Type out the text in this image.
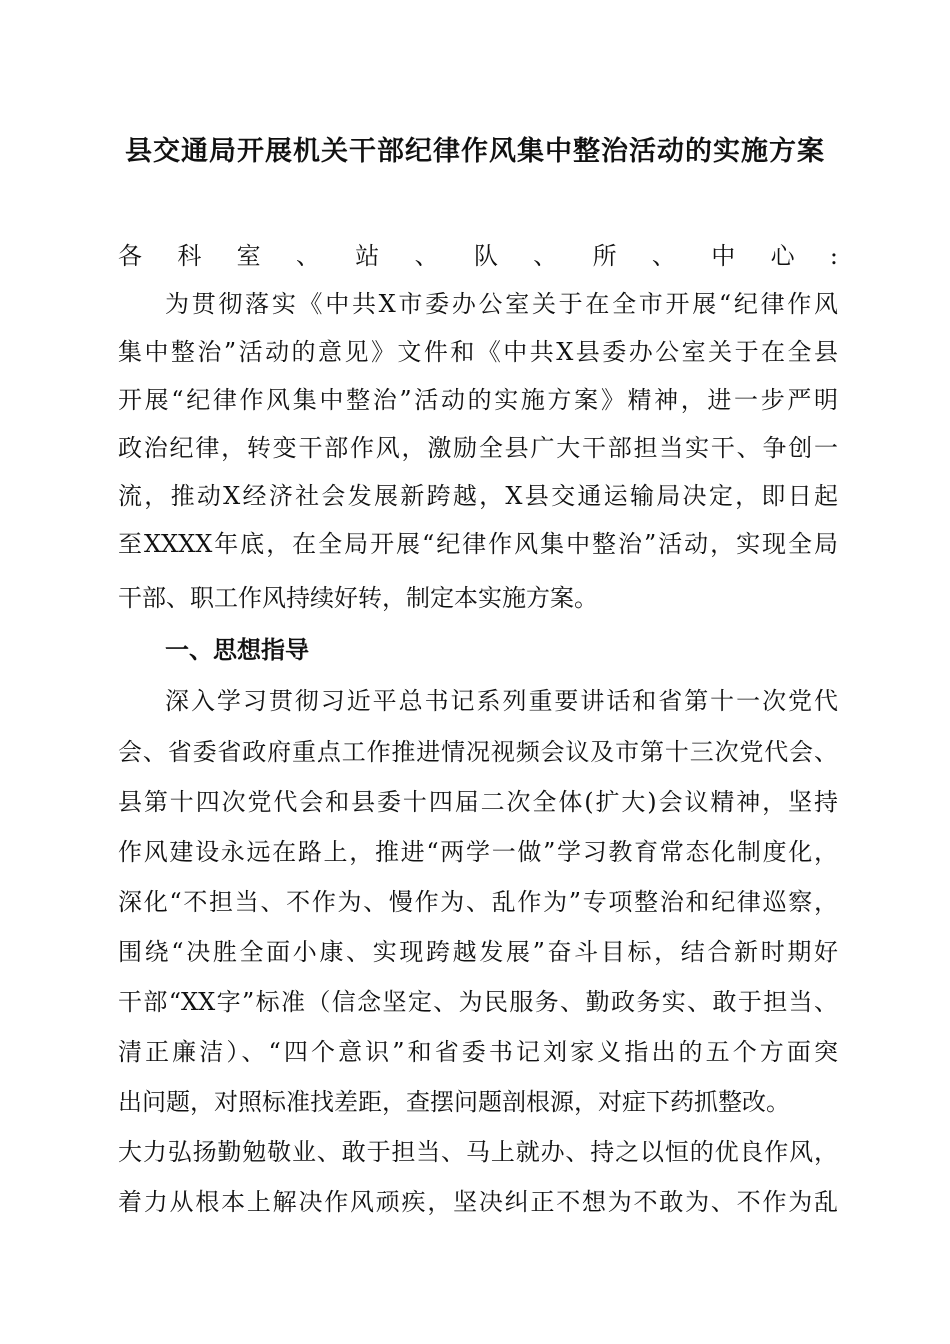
县交通局开展机关干部纪律作风集中整治活动的实施方案
各科室、站、队、所、中心:
为贯彻落实《中共X市委办公室关于在全市开展“纪律作风
集中整治”活动的意见》文件和《中共X县委办公室关于在全县
开展“纪律作风集中整治”活动的实施方案》精神，进一步严明
政治纪律，转变干部作风，激励全县广大干部担当实干、争创一
流，推动X经济社会发展新跨越，X县交通运输局决定，即日起
至XXXX年底，在全局开展“纪律作风集中整治”活动，实现全局
干部、职工作风持续好转，制定本实施方案。
一、思想指导
深入学习贯彻习近平总书记系列重要讲话和省第十一次党代
会、省委省政府重点工作推进情况视频会议及市第十三次党代会、
县第十四次党代会和县委十四届二次全体(扩大)会议精神，坚持
作风建设永远在路上，推进“两学一做”学习教育常态化制度化，
深化“不担当、不作为、慢作为、乱作为”专项整治和纪律巡察，
围绕“决胜全面小康、实现跨越发展”奋斗目标，结合新时期好
干部“XX字”标准（信念坚定、为民服务、勤政务实、敢于担当、
清正廉洁）、“四个意识”和省委书记刘家义指出的五个方面突
出问题，对照标准找差距，查摆问题剖根源，对症下药抓整改。
大力弘扬勤勉敬业、敢于担当、马上就办、持之以恒的优良作风，
着力从根本上解决作风顽疾，坚决纠正不想为不敢为、不作为乱
